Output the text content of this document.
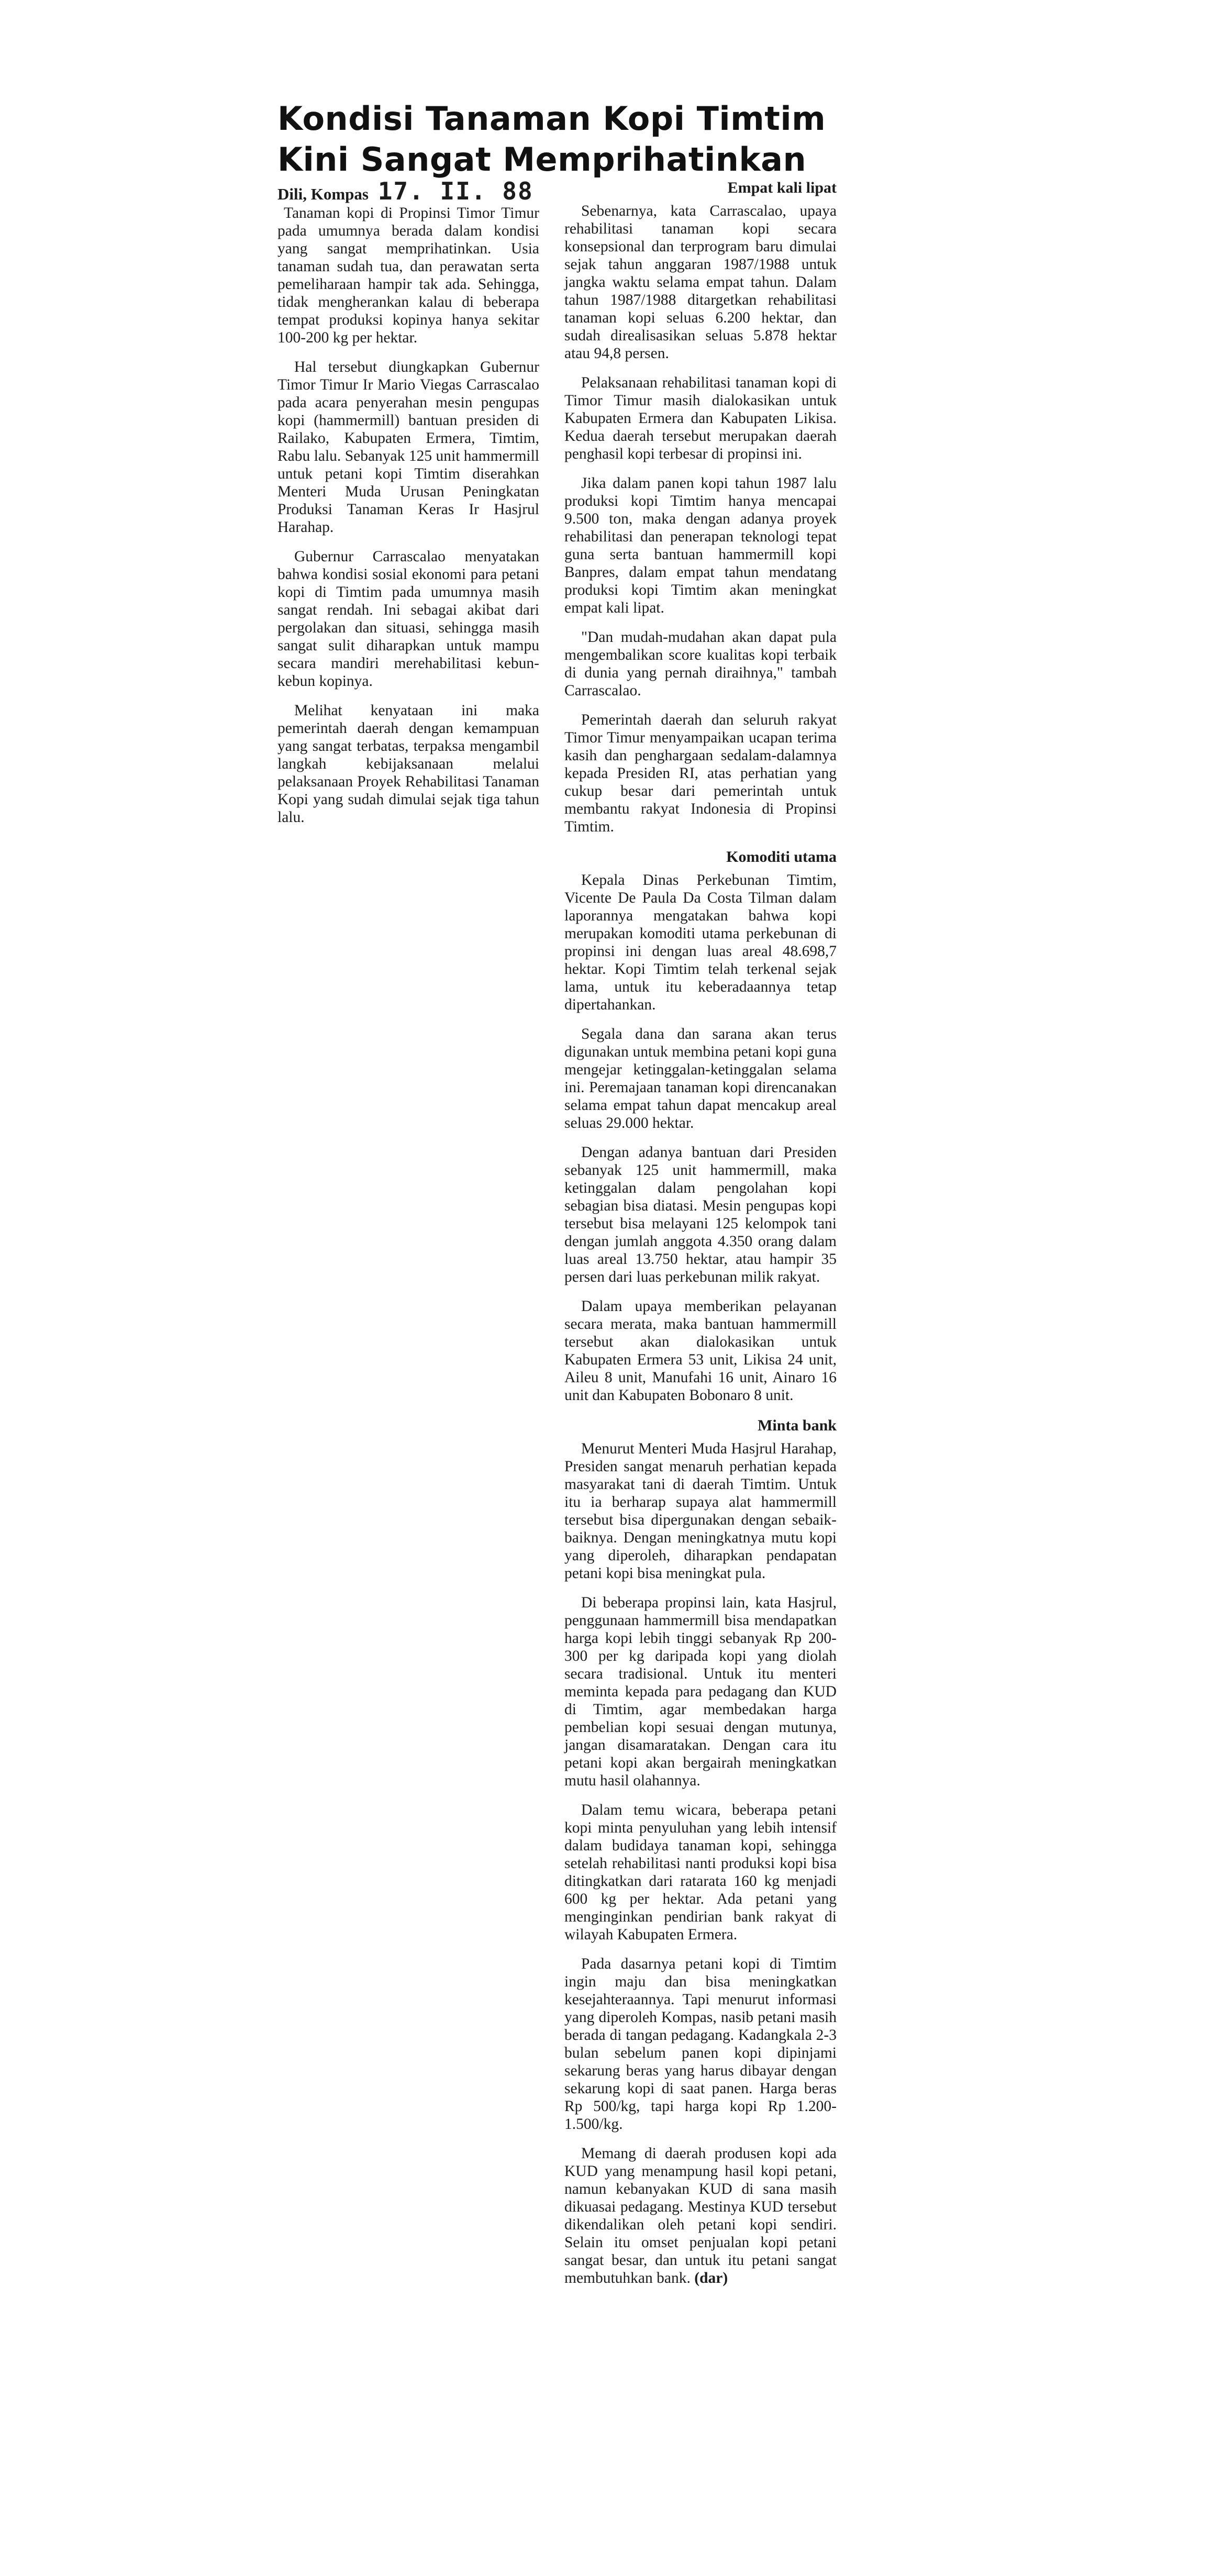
Kondisi Tanaman Kopi Timtim
Kini Sangat Memprihatinkan
Dili, Kompas 17. II. 88

Tanaman kopi di Propinsi Timor Timur pada umumnya berada dalam kondisi yang sangat memprihatinkan. Usia tanaman sudah tua, dan perawatan serta pemeliharaan hampir tak ada. Sehingga, tidak mengherankan kalau di beberapa tempat produksi kopinya hanya sekitar 100-200 kg per hektar.

Hal tersebut diungkapkan Gubernur Timor Timur Ir Mario Viegas Carrascalao pada acara penyerahan mesin pengupas kopi (hammermill) bantuan presiden di Railako, Kabupaten Ermera, Timtim, Rabu lalu. Sebanyak 125 unit hammermill untuk petani kopi Timtim diserahkan Menteri Muda Urusan Peningkatan Produksi Tanaman Keras Ir Hasjrul Harahap.

Gubernur Carrascalao menyatakan bahwa kondisi sosial ekonomi para petani kopi di Timtim pada umumnya masih sangat rendah. Ini sebagai akibat dari pergolakan dan situasi, sehingga masih sangat sulit diharapkan untuk mampu secara mandiri merehabilitasi kebun-kebun kopinya.

Melihat kenyataan ini maka pemerintah daerah dengan kemampuan yang sangat terbatas, terpaksa mengambil langkah kebijaksanaan melalui pelaksanaan Proyek Rehabilitasi Tanaman Kopi yang sudah dimulai sejak tiga tahun lalu.

Empat kali lipat

Sebenarnya, kata Carrascalao, upaya rehabilitasi tanaman kopi secara konsepsional dan terprogram baru dimulai sejak tahun anggaran 1987/1988 untuk jangka waktu selama empat tahun. Dalam tahun 1987/1988 ditargetkan rehabilitasi tanaman kopi seluas 6.200 hektar, dan sudah direalisasikan seluas 5.878 hektar atau 94,8 persen.

Pelaksanaan rehabilitasi tanaman kopi di Timor Timur masih dialokasikan untuk Kabupaten Ermera dan Kabupaten Likisa. Kedua daerah tersebut merupakan daerah penghasil kopi terbesar di propinsi ini.

Jika dalam panen kopi tahun 1987 lalu produksi kopi Timtim hanya mencapai 9.500 ton, maka dengan adanya proyek rehabilitasi dan penerapan teknologi tepat guna serta bantuan hammermill kopi Banpres, dalam empat tahun mendatang produksi kopi Timtim akan meningkat empat kali lipat.

"Dan mudah-mudahan akan dapat pula mengembalikan score kualitas kopi terbaik di dunia yang pernah diraihnya," tambah Carrascalao.

Pemerintah daerah dan seluruh rakyat Timor Timur menyampaikan ucapan terima kasih dan penghargaan sedalam-dalamnya kepada Presiden RI, atas perhatian yang cukup besar dari pemerintah untuk membantu rakyat Indonesia di Propinsi Timtim.

Komoditi utama

Kepala Dinas Perkebunan Timtim, Vicente De Paula Da Costa Tilman dalam laporannya mengatakan bahwa kopi merupakan komoditi utama perkebunan di propinsi ini dengan luas areal 48.698,7 hektar. Kopi Timtim telah terkenal sejak lama, untuk itu keberadaannya tetap dipertahankan.

Segala dana dan sarana akan terus digunakan untuk membina petani kopi guna mengejar ketinggalan-ketinggalan selama ini. Peremajaan tanaman kopi direncanakan selama empat tahun dapat mencakup areal seluas 29.000 hektar.

Dengan adanya bantuan dari Presiden sebanyak 125 unit hammermill, maka ketinggalan dalam pengolahan kopi sebagian bisa diatasi. Mesin pengupas kopi tersebut bisa melayani 125 kelompok tani dengan jumlah anggota 4.350 orang dalam luas areal 13.750 hektar, atau hampir 35 persen dari luas perkebunan milik rakyat.

Dalam upaya memberikan pelayanan secara merata, maka bantuan hammermill tersebut akan dialokasikan untuk Kabupaten Ermera 53 unit, Likisa 24 unit, Aileu 8 unit, Manufahi 16 unit, Ainaro 16 unit dan Kabupaten Bobonaro 8 unit.

Minta bank

Menurut Menteri Muda Hasjrul Harahap, Presiden sangat menaruh perhatian kepada masyarakat tani di daerah Timtim. Untuk itu ia berharap supaya alat hammermill tersebut bisa dipergunakan dengan sebaik-baiknya. Dengan meningkatnya mutu kopi yang diperoleh, diharapkan pendapatan petani kopi bisa meningkat pula.

Di beberapa propinsi lain, kata Hasjrul, penggunaan hammermill bisa mendapatkan harga kopi lebih tinggi sebanyak Rp 200-300 per kg daripada kopi yang diolah secara tradisional. Untuk itu menteri meminta kepada para pedagang dan KUD di Timtim, agar membedakan harga pembelian kopi sesuai dengan mutunya, jangan disamaratakan. Dengan cara itu petani kopi akan bergairah meningkatkan mutu hasil olahannya.

Dalam temu wicara, beberapa petani kopi minta penyuluhan yang lebih intensif dalam budidaya tanaman kopi, sehingga setelah rehabilitasi nanti produksi kopi bisa ditingkatkan dari ratarata 160 kg menjadi 600 kg per hektar. Ada petani yang menginginkan pendirian bank rakyat di wilayah Kabupaten Ermera.

Pada dasarnya petani kopi di Timtim ingin maju dan bisa meningkatkan kesejahteraannya. Tapi menurut informasi yang diperoleh Kompas, nasib petani masih berada di tangan pedagang. Kadangkala 2-3 bulan sebelum panen kopi dipinjami sekarung beras yang harus dibayar dengan sekarung kopi di saat panen. Harga beras Rp 500/kg, tapi harga kopi Rp 1.200-1.500/kg.

Memang di daerah produsen kopi ada KUD yang menampung hasil kopi petani, namun kebanyakan KUD di sana masih dikuasai pedagang. Mestinya KUD tersebut dikendalikan oleh petani kopi sendiri. Selain itu omset penjualan kopi petani sangat besar, dan untuk itu petani sangat membutuhkan bank. (dar)
